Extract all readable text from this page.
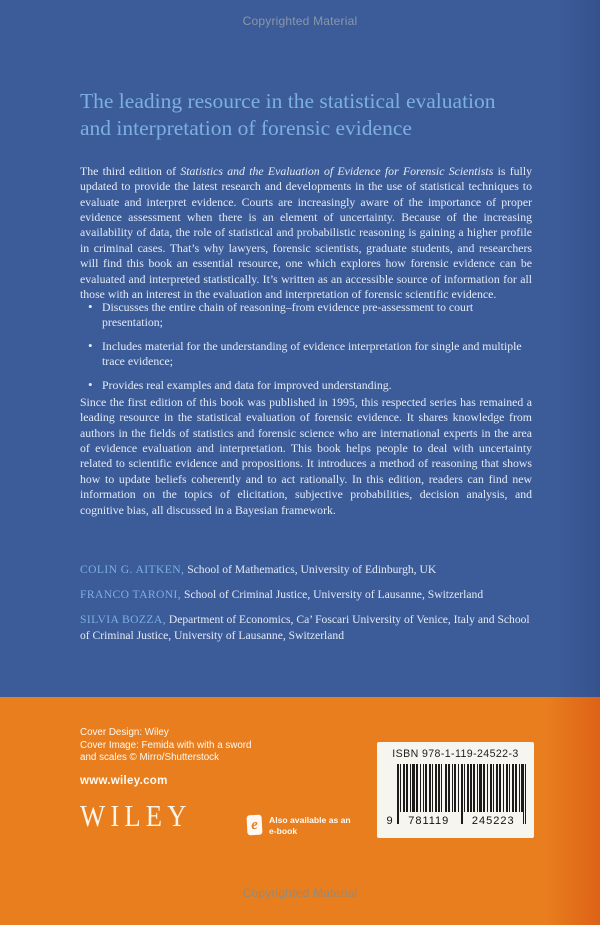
Copyrighted Material
The leading resource in the statistical evaluation
and interpretation of forensic evidence

The third edition of Statistics and the Evaluation of Evidence for Forensic Scientists is fully updated to provide the latest research and developments in the use of statistical techniques to evaluate and interpret evidence. Courts are increasingly aware of the importance of proper evidence assessment when there is an element of uncertainty. Because of the increasing availability of data, the role of statistical and probabilistic reasoning is gaining a higher profile in criminal cases. That’s why lawyers, forensic scientists, graduate students, and researchers will find this book an essential resource, one which explores how forensic evidence can be evaluated and interpreted statistically. It’s written as an accessible source of information for all those with an interest in the evaluation and interpretation of forensic scientific evidence.

• Discusses the entire chain of reasoning–from evidence pre-assessment to court presentation;
• Includes material for the understanding of evidence interpretation for single and multiple trace evidence;
• Provides real examples and data for improved understanding.

Since the first edition of this book was published in 1995, this respected series has remained a leading resource in the statistical evaluation of forensic evidence. It shares knowledge from authors in the fields of statistics and forensic science who are international experts in the area of evidence evaluation and interpretation. This book helps people to deal with uncertainty related to scientific evidence and propositions. It introduces a method of reasoning that shows how to update beliefs coherently and to act rationally. In this edition, readers can find new information on the topics of elicitation, subjective probabilities, decision analysis, and cognitive bias, all discussed in a Bayesian framework.

COLIN G. AITKEN, School of Mathematics, University of Edinburgh, UK
FRANCO TARONI, School of Criminal Justice, University of Lausanne, Switzerland
SILVIA BOZZA, Department of Economics, Ca’ Foscari University of Venice, Italy and School of Criminal Justice, University of Lausanne, Switzerland
Cover Design: Wiley
Cover Image: Femida with with a sword
and scales © Mirro/Shutterstock
www.wiley.com
WILEY	e	Also available as an e-book
ISBN 978-1-119-24522-3
9	781119	245223
Copyrighted Material
